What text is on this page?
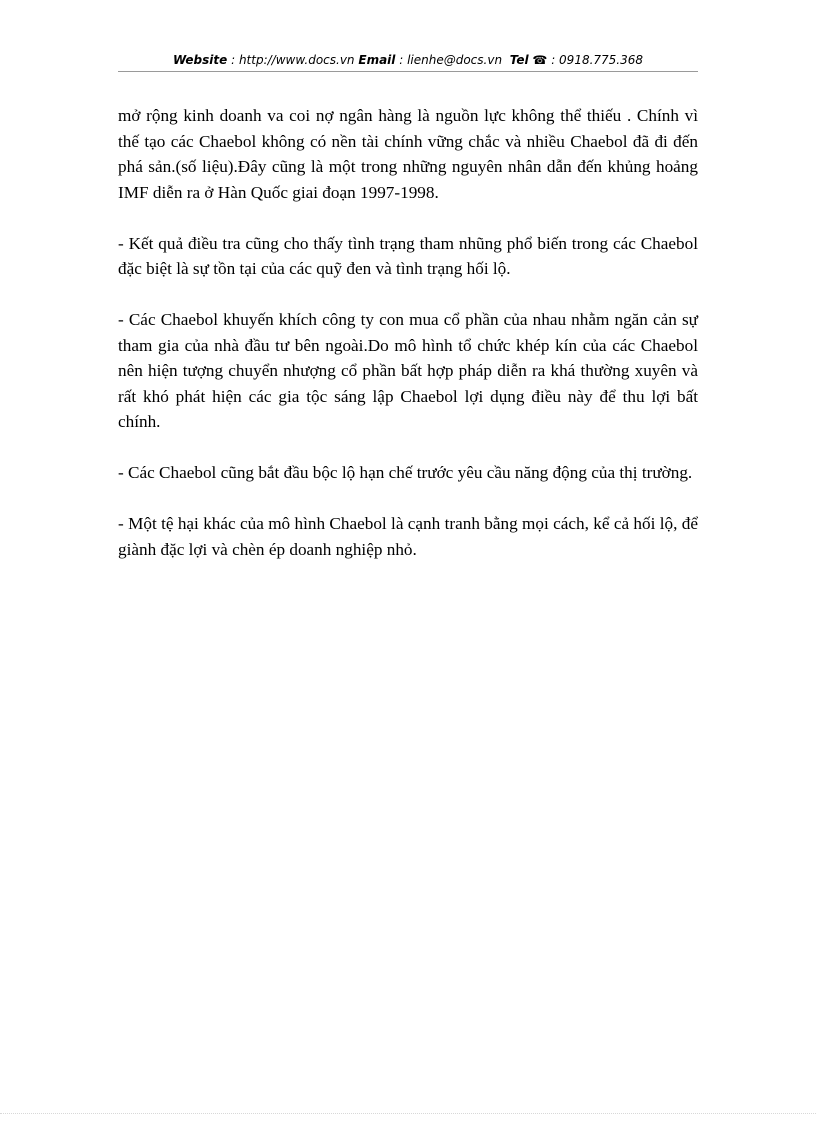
Website : http://www.docs.vn Email : lienhe@docs.vn Tel ☎ : 0918.775.368

mở rộng kinh doanh va coi nợ ngân hàng là nguồn lực không thể thiếu . Chính vì thế tạo các Chaebol không có nền tài chính vững chắc và nhiều Chaebol đã đi đến phá sản.(số liệu).Đây cũng là một trong những nguyên nhân dẫn đến khủng hoảng IMF diễn ra ở Hàn Quốc giai đoạn 1997-1998.

- Kết quả điều tra cũng cho thấy tình trạng tham nhũng phổ biến trong các Chaebol đặc biệt là sự tồn tại của các quỹ đen và tình trạng hối lộ.

- Các Chaebol khuyến khích công ty con mua cổ phần của nhau nhằm ngăn cản sự tham gia của nhà đầu tư bên ngoài.Do mô hình tổ chức khép kín của các Chaebol nên hiện tượng chuyển nhượng cổ phần bất hợp pháp diễn ra khá thường xuyên và rất khó phát hiện các gia tộc sáng lập Chaebol lợi dụng điều này để thu lợi bất chính.

- Các Chaebol cũng bắt đầu bộc lộ hạn chế trước yêu cầu năng động của thị trường.

- Một tệ hại khác của mô hình Chaebol là cạnh tranh bằng mọi cách, kể cả hối lộ, để giành đặc lợi và chèn ép doanh nghiệp nhỏ.
